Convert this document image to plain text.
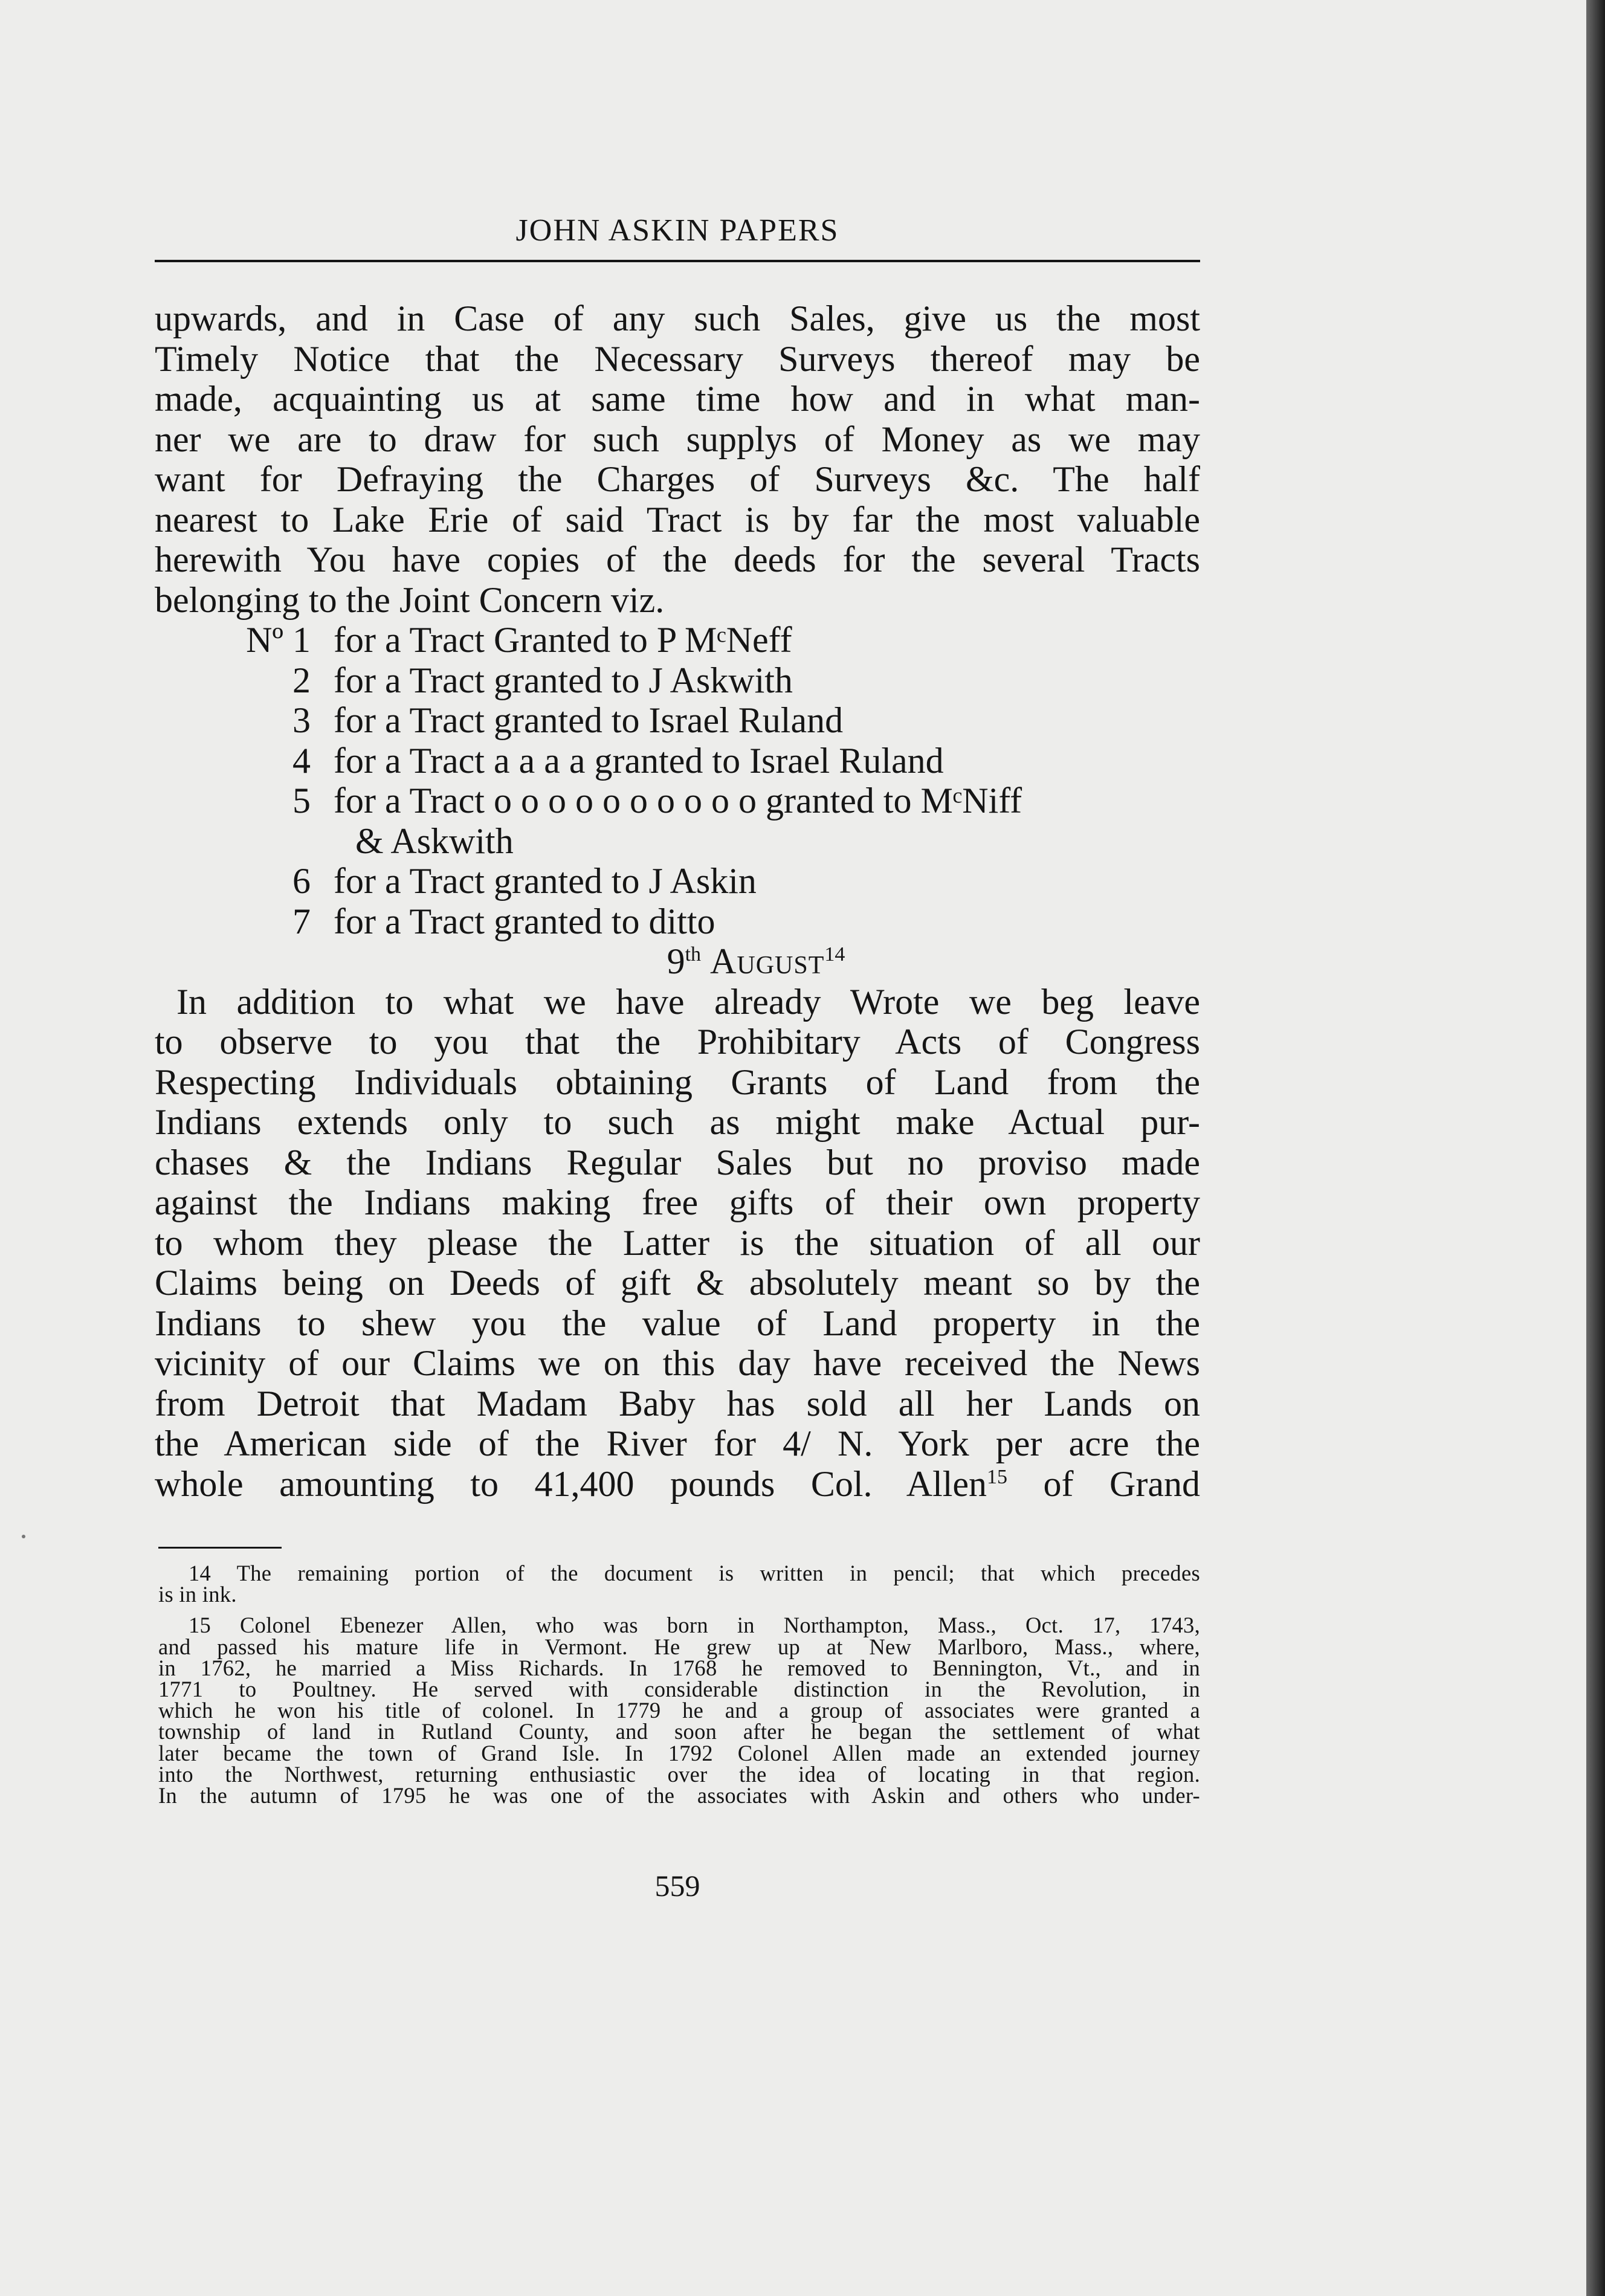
JOHN ASKIN PAPERS
upwards, and in Case of any such Sales, give us the most
Timely Notice that the Necessary Surveys thereof may be
made, acquainting us at same time how and in what man-
ner we are to draw for such supplys of Money as we may
want for Defraying the Charges of Surveys &c. The half
nearest to Lake Erie of said Tract is by far the most valuable
herewith You have copies of the deeds for the several Tracts
belonging to the Joint Concern viz.
Nº 1 for a Tract Granted to P MᶜNeff
2 for a Tract granted to J Askwith
3 for a Tract granted to Israel Ruland
4 for a Tract a a a a granted to Israel Ruland
5 for a Tract o o o o o o o o o o granted to MᶜNiff
& Askwith
6 for a Tract granted to J Askin
7 for a Tract granted to ditto
9th August$^{14}$
In addition to what we have already Wrote we beg leave
to observe to you that the Prohibitary Acts of Congress
Respecting Individuals obtaining Grants of Land from the
Indians extends only to such as might make Actual pur-
chases & the Indians Regular Sales but no proviso made
against the Indians making free gifts of their own property
to whom they please the Latter is the situation of all our
Claims being on Deeds of gift & absolutely meant so by the
Indians to shew you the value of Land property in the
vicinity of our Claims we on this day have received the News
from Detroit that Madam Baby has sold all her Lands on
the American side of the River for 4/ N. York per acre the
whole amounting to 41,400 pounds Col. Allen$^{15}$ of Grand
14 The remaining portion of the document is written in pencil; that which precedes
is in ink.
15 Colonel Ebenezer Allen, who was born in Northampton, Mass., Oct. 17, 1743,
and passed his mature life in Vermont. He grew up at New Marlboro, Mass., where,
in 1762, he married a Miss Richards. In 1768 he removed to Bennington, Vt., and in
1771 to Poultney. He served with considerable distinction in the Revolution, in
which he won his title of colonel. In 1779 he and a group of associates were granted a
township of land in Rutland County, and soon after he began the settlement of what
later became the town of Grand Isle. In 1792 Colonel Allen made an extended journey
into the Northwest, returning enthusiastic over the idea of locating in that region.
In the autumn of 1795 he was one of the associates with Askin and others who under-
559
